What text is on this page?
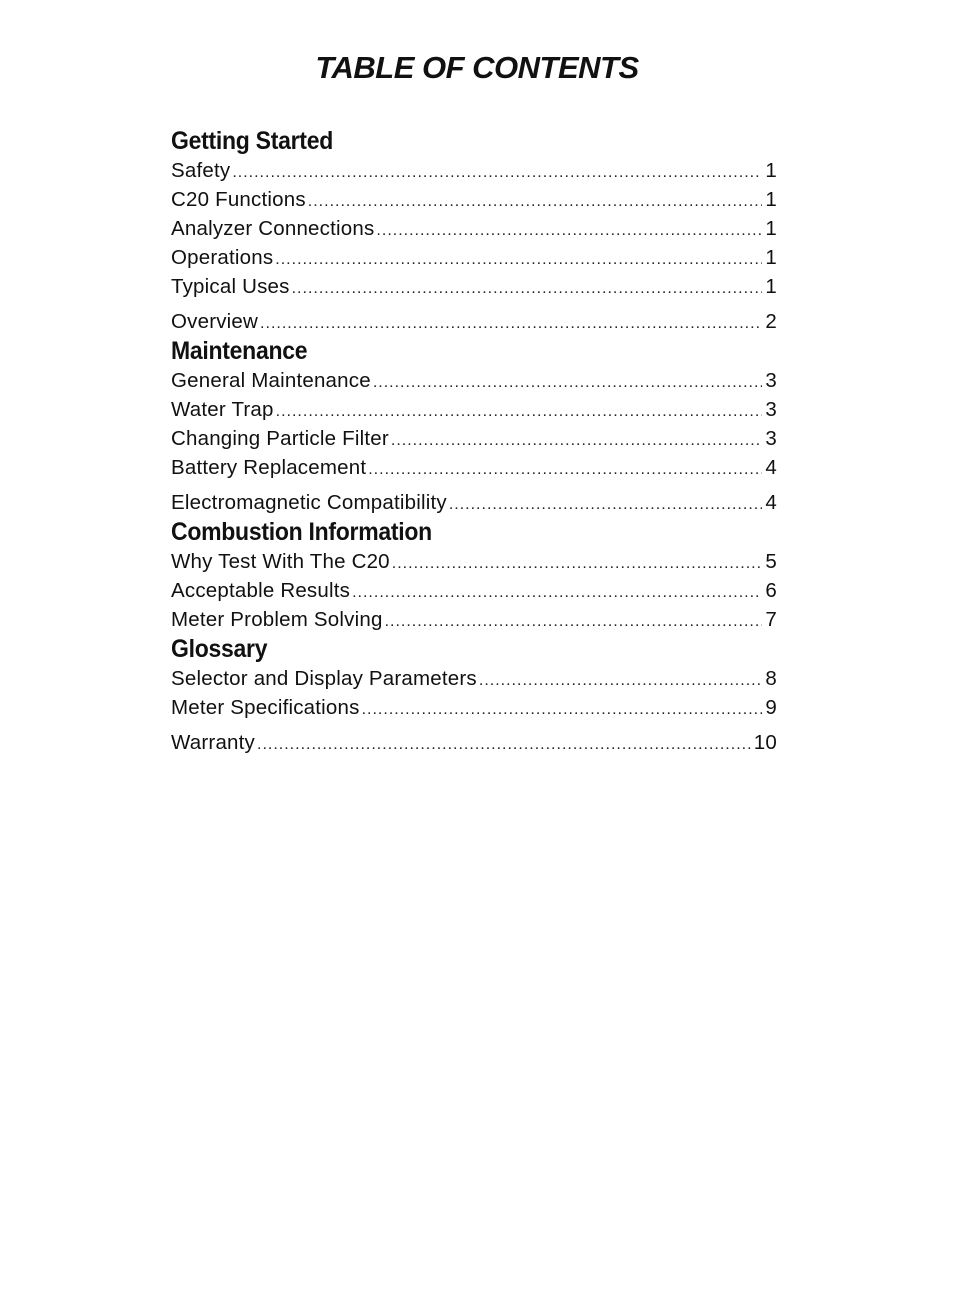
TABLE OF CONTENTS
Getting Started
Safety .....	1
C20 Functions .....	1
Analyzer Connections .....	1
Operations .....	1
Typical Uses .....	1
Overview .....	2
Maintenance
General Maintenance .....	3
Water Trap .....	3
Changing Particle Filter .....	3
Battery Replacement .....	4
Electromagnetic Compatibility .....	4
Combustion Information
Why Test With The C20 .....	5
Acceptable Results .....	6
Meter Problem Solving .....	7
Glossary
Selector and Display Parameters .....	8
Meter Specifications .....	9
Warranty .....	10
